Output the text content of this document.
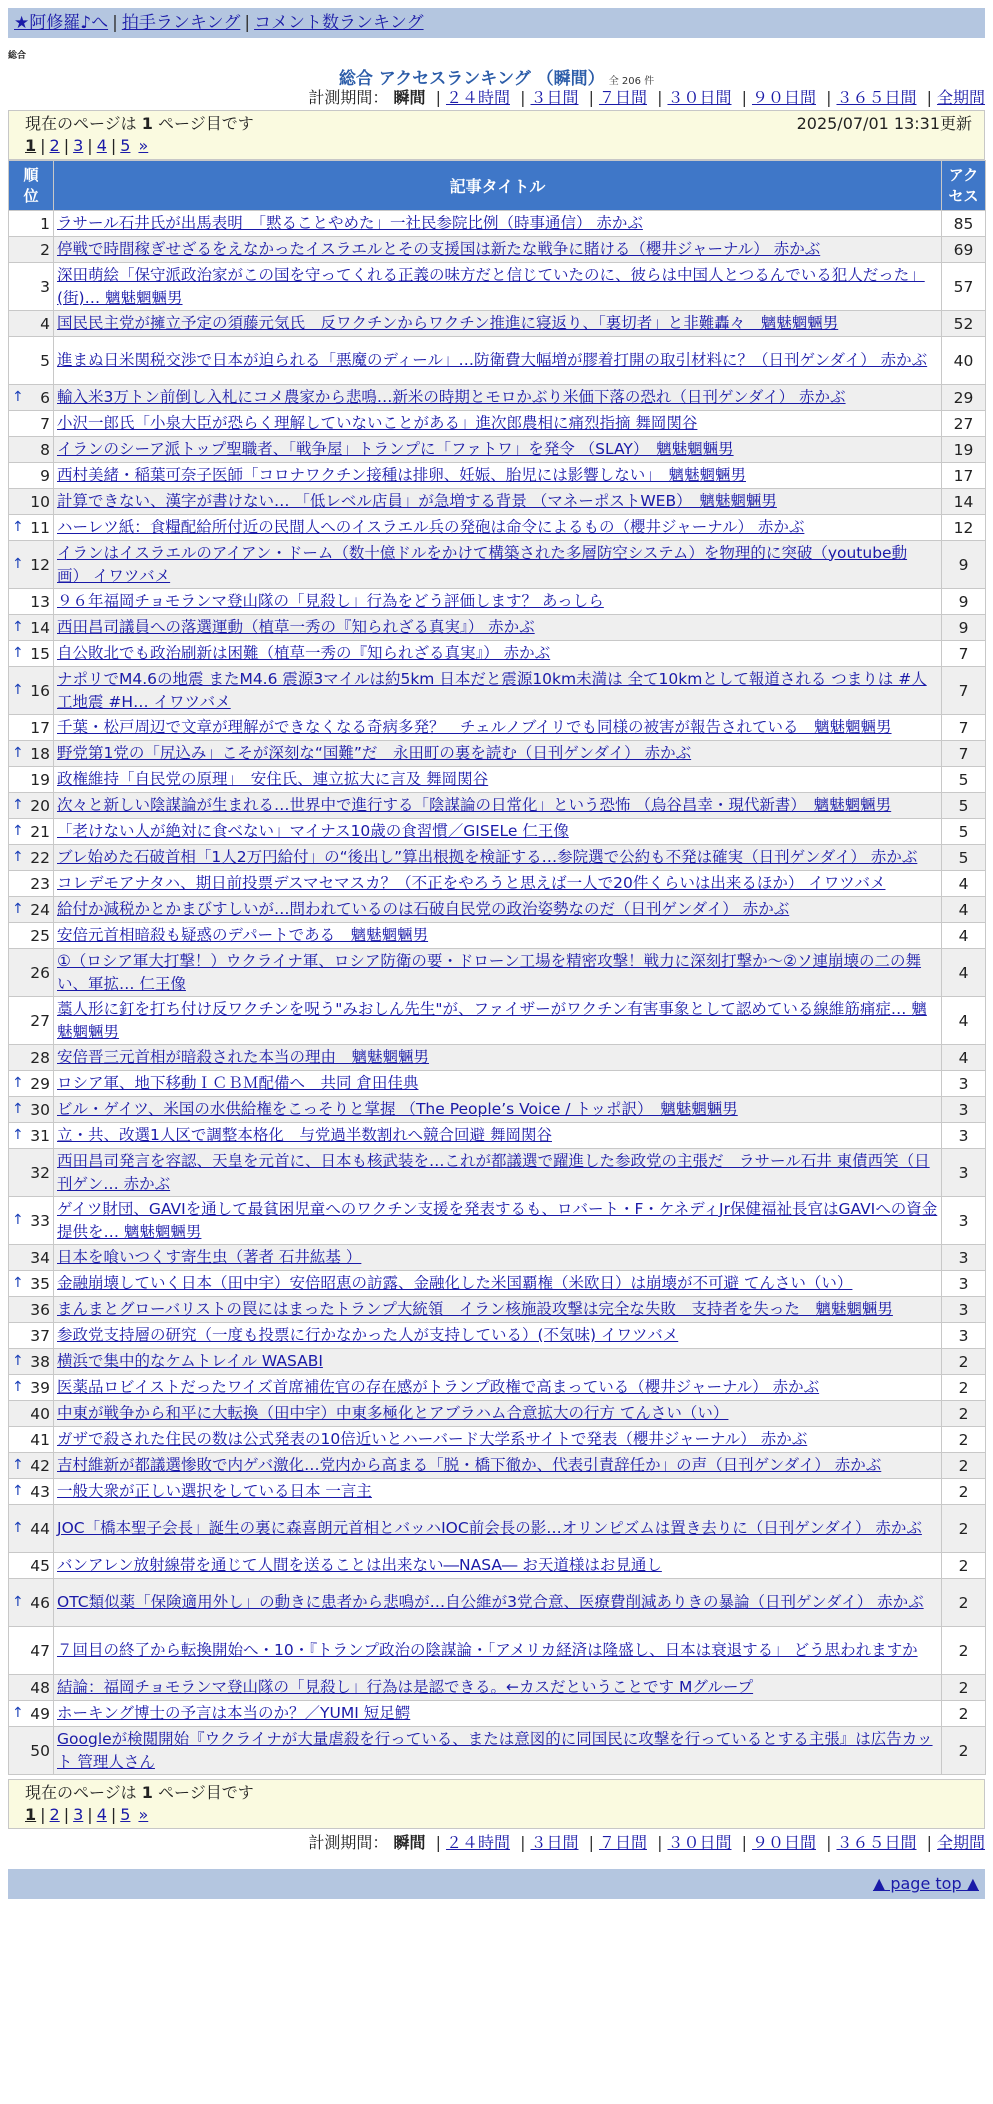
★阿修羅♪へ | 拍手ランキング | コメント数ランキング
総合
総合 アクセスランキング （瞬間） 全 206 件
計測期間： 瞬間 | ２４時間 | ３日間 | ７日間 | ３０日間 | ９０日間 | ３６５日間 | 全期間
現在のページは 1 ページ目です	2025/07/01 13:31更新
1 | 2 | 3 | 4 | 5 »
順位	記事タイトル	アクセス
1	ラサール石井氏が出馬表明　「黙ることやめた」一社民参院比例（時事通信） 赤かぶ	85
2	停戦で時間稼ぎせざるをえなかったイスラエルとその支援国は新たな戦争に賭ける（櫻井ジャーナル） 赤かぶ	69
3	深田萌絵「保守派政治家がこの国を守ってくれる正義の味方だと信じていたのに、彼らは中国人とつるんでいる犯人だった」(街)… 魑魅魍魎男	57
4	国民民主党が擁立予定の須藤元気氏　反ワクチンからワクチン推進に寝返り、「裏切者」と非難轟々　魑魅魍魎男	52
5	進まぬ日米関税交渉で日本が迫られる「悪魔のディール」…防衛費大幅増が膠着打開の取引材料に？（日刊ゲンダイ） 赤かぶ	40

↑ 6	輸入米3万トン前倒し入札にコメ農家から悲鳴…新米の時期とモロかぶり米価下落の恐れ（日刊ゲンダイ） 赤かぶ	29
7	小沢一郎氏「小泉大臣が恐らく理解していないことがある」進次郎農相に痛烈指摘 舞岡関谷	27
8	イランのシーア派トップ聖職者、「戦争屋」トランプに「ファトワ」を発令 （SLAY）　魑魅魍魎男	19
9	西村美緒・稲葉可奈子医師「コロナワクチン接種は排卵、妊娠、胎児には影響しない」　魑魅魍魎男	17
10	計算できない、漢字が書けない… 「低レベル店員」が急増する背景 （マネーポストWEB）　魑魅魍魎男	14

↑ 11	ハーレツ紙：食糧配給所付近の民間人へのイスラエル兵の発砲は命令によるもの（櫻井ジャーナル） 赤かぶ	12

↑ 12	イランはイスラエルのアイアン・ドーム（数十億ドルをかけて構築された多層防空システム）を物理的に突破（youtube動画） イワツバメ	9
13	９６年福岡チョモランマ登山隊の「見殺し」行為をどう評価します？ あっしら	9

↑ 14	西田昌司議員への落選運動（植草一秀の『知られざる真実』） 赤かぶ	9

↑ 15	自公敗北でも政治刷新は困難（植草一秀の『知られざる真実』） 赤かぶ	7

↑ 16	ナポリでM4.6の地震 またM4.6 震源3マイルは約5km 日本だと震源10km未満は 全て10kmとして報道される つまりは #人工地震 #H… イワツバメ	7
17	千葉・松戸周辺で文章が理解ができなくなる奇病多発？　チェルノブイリでも同様の被害が報告されている　魑魅魍魎男	7

↑ 18	野党第1党の「尻込み」こそが深刻な“国難”だ　永田町の裏を読む（日刊ゲンダイ） 赤かぶ	7
19	政権維持「自民党の原理」　安住氏、連立拡大に言及 舞岡関谷	5

↑ 20	次々と新しい陰謀論が生まれる…世界中で進行する「陰謀論の日常化」という恐怖 （烏谷昌幸・現代新書）　魑魅魍魎男	5

↑ 21	「老けない人が絶対に食べない」マイナス10歳の食習慣／GISELe 仁王像	5

↑ 22	ブレ始めた石破首相「1人2万円給付」の“後出し”算出根拠を検証する…参院選で公約も不発は確実（日刊ゲンダイ） 赤かぶ	5
23	コレデモアナタハ、期日前投票デスマセマスカ？（不正をやろうと思えば一人で20件くらいは出来るほか） イワツバメ	4

↑ 24	給付か減税かとかまびすしいが…問われているのは石破自民党の政治姿勢なのだ（日刊ゲンダイ） 赤かぶ	4
25	安倍元首相暗殺も疑惑のデパートである　魑魅魍魎男	4
26	①（ロシア軍大打撃！）ウクライナ軍、ロシア防衛の要・ドローン工場を精密攻撃！戦力に深刻打撃か～②ソ連崩壊の二の舞い、軍拡… 仁王像	4
27	藁人形に釘を打ち付け反ワクチンを呪う"みおしん先生"が、ファイザーがワクチン有害事象として認めている線維筋痛症… 魑魅魍魎男	4
28	安倍晋三元首相が暗殺された本当の理由　魑魅魍魎男	4

↑ 29	ロシア軍、地下移動ＩＣＢＭ配備へ　共同 倉田佳典	3

↑ 30	ビル・ゲイツ、米国の水供給権をこっそりと掌握 （The People’s Voice / トッポ訳）　魑魅魍魎男	3

↑ 31	立・共、改選1人区で調整本格化　与党過半数割れへ競合回避 舞岡関谷	3
32	西田昌司発言を容認、天皇を元首に、日本も核武装を…これが都議選で躍進した参政党の主張だ　ラサール石井 東債西笑（日刊ゲン… 赤かぶ	3

↑ 33	ゲイツ財団、GAVIを通して最貧困児童へのワクチン支援を発表するも、ロバート・F・ケネディJr保健福祉長官はGAVIへの資金提供を… 魑魅魍魎男	3
34	日本を喰いつくす寄生虫（著者 石井紘基 ）	3

↑ 35	金融崩壊していく日本（田中宇）安倍昭恵の訪露、金融化した米国覇権（米欧日）は崩壊が不可避 てんさい（い）	3
36	まんまとグローバリストの罠にはまったトランプ大統領　イラン核施設攻撃は完全な失敗　支持者を失った　魑魅魍魎男	3
37	参政党支持層の研究（一度も投票に行かなかった人が支持している）(不気味) イワツバメ	3

↑ 38	横浜で集中的なケムトレイル WASABI	2

↑ 39	医薬品ロビイストだったワイズ首席補佐官の存在感がトランプ政権で高まっている（櫻井ジャーナル） 赤かぶ	2
40	中東が戦争から和平に大転換（田中宇）中東多極化とアブラハム合意拡大の行方 てんさい（い）	2
41	ガザで殺された住民の数は公式発表の10倍近いとハーバード大学系サイトで発表（櫻井ジャーナル） 赤かぶ	2

↑ 42	吉村維新が都議選惨敗で内ゲバ激化…党内から高まる「脱・橋下徹か、代表引責辞任か」の声（日刊ゲンダイ） 赤かぶ	2

↑ 43	一般大衆が正しい選択をしている日本 一言主	2

↑ 44	JOC「橋本聖子会長」誕生の裏に森喜朗元首相とバッハIOC前会長の影…オリンピズムは置き去りに（日刊ゲンダイ） 赤かぶ	2
45	バンアレン放射線帯を通じて人間を送ることは出来ない―NASA― お天道様はお見通し	2

↑ 46	OTC類似薬「保険適用外し」の動きに患者から悲鳴が…自公維が3党合意、医療費削減ありきの暴論（日刊ゲンダイ） 赤かぶ	2
47	７回目の終了から転換開始へ・10・『トランプ政治の陰謀論・「アメリカ経済は隆盛し、日本は衰退する」 どう思われますか	2
48	結論：福岡チョモランマ登山隊の「見殺し」行為は是認できる。←カスだということです Mグループ	2

↑ 49	ホーキング博士の予言は本当のか？／YUMI 短足鰐	2
50	Googleが検閲開始『ウクライナが大量虐殺を行っている、または意図的に同国民に攻撃を行っているとする主張』は広告カット 管理人さん	2
現在のページは 1 ページ目です
1 | 2 | 3 | 4 | 5 »
計測期間： 瞬間 | ２４時間 | ３日間 | ７日間 | ３０日間 | ９０日間 | ３６５日間 | 全期間
▲ page top ▲
